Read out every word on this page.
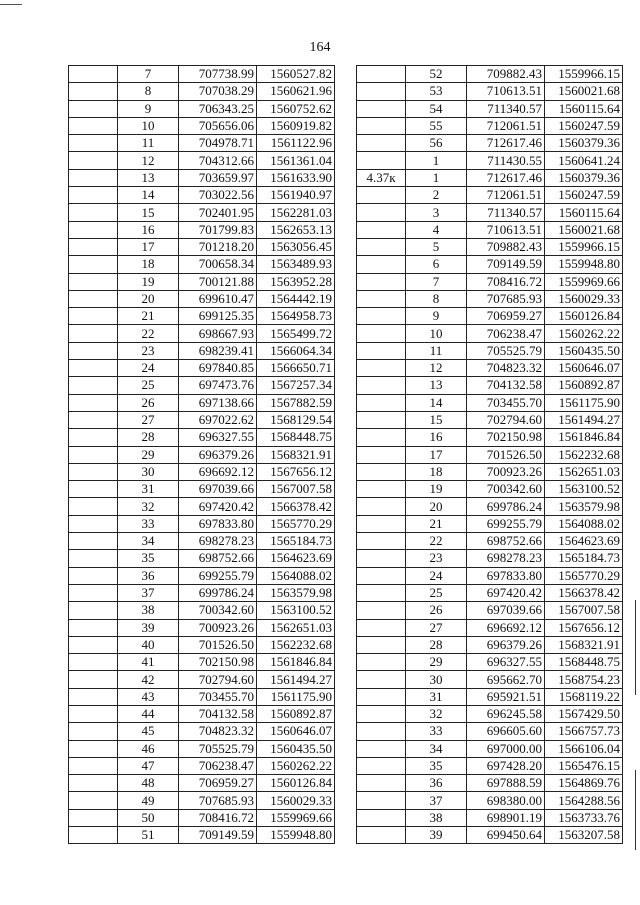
164
	7	707738.99	1560527.82
	8	707038.29	1560621.96
	9	706343.25	1560752.62
	10	705656.06	1560919.82
	11	704978.71	1561122.96
	12	704312.66	1561361.04
	13	703659.97	1561633.90
	14	703022.56	1561940.97
	15	702401.95	1562281.03
	16	701799.83	1562653.13
	17	701218.20	1563056.45
	18	700658.34	1563489.93
	19	700121.88	1563952.28
	20	699610.47	1564442.19
	21	699125.35	1564958.73
	22	698667.93	1565499.72
	23	698239.41	1566064.34
	24	697840.85	1566650.71
	25	697473.76	1567257.34
	26	697138.66	1567882.59
	27	697022.62	1568129.54
	28	696327.55	1568448.75
	29	696379.26	1568321.91
	30	696692.12	1567656.12
	31	697039.66	1567007.58
	32	697420.42	1566378.42
	33	697833.80	1565770.29
	34	698278.23	1565184.73
	35	698752.66	1564623.69
	36	699255.79	1564088.02
	37	699786.24	1563579.98
	38	700342.60	1563100.52
	39	700923.26	1562651.03
	40	701526.50	1562232.68
	41	702150.98	1561846.84
	42	702794.60	1561494.27
	43	703455.70	1561175.90
	44	704132.58	1560892.87
	45	704823.32	1560646.07
	46	705525.79	1560435.50
	47	706238.47	1560262.22
	48	706959.27	1560126.84
	49	707685.93	1560029.33
	50	708416.72	1559969.66
	51	709149.59	1559948.80
	52	709882.43	1559966.15
	53	710613.51	1560021.68
	54	711340.57	1560115.64
	55	712061.51	1560247.59
	56	712617.46	1560379.36
	1	711430.55	1560641.24
4.37к	1	712617.46	1560379.36
	2	712061.51	1560247.59
	3	711340.57	1560115.64
	4	710613.51	1560021.68
	5	709882.43	1559966.15
	6	709149.59	1559948.80
	7	708416.72	1559969.66
	8	707685.93	1560029.33
	9	706959.27	1560126.84
	10	706238.47	1560262.22
	11	705525.79	1560435.50
	12	704823.32	1560646.07
	13	704132.58	1560892.87
	14	703455.70	1561175.90
	15	702794.60	1561494.27
	16	702150.98	1561846.84
	17	701526.50	1562232.68
	18	700923.26	1562651.03
	19	700342.60	1563100.52
	20	699786.24	1563579.98
	21	699255.79	1564088.02
	22	698752.66	1564623.69
	23	698278.23	1565184.73
	24	697833.80	1565770.29
	25	697420.42	1566378.42
	26	697039.66	1567007.58
	27	696692.12	1567656.12
	28	696379.26	1568321.91
	29	696327.55	1568448.75
	30	695662.70	1568754.23
	31	695921.51	1568119.22
	32	696245.58	1567429.50
	33	696605.60	1566757.73
	34	697000.00	1566106.04
	35	697428.20	1565476.15
	36	697888.59	1564869.76
	37	698380.00	1564288.56
	38	698901.19	1563733.76
	39	699450.64	1563207.58
